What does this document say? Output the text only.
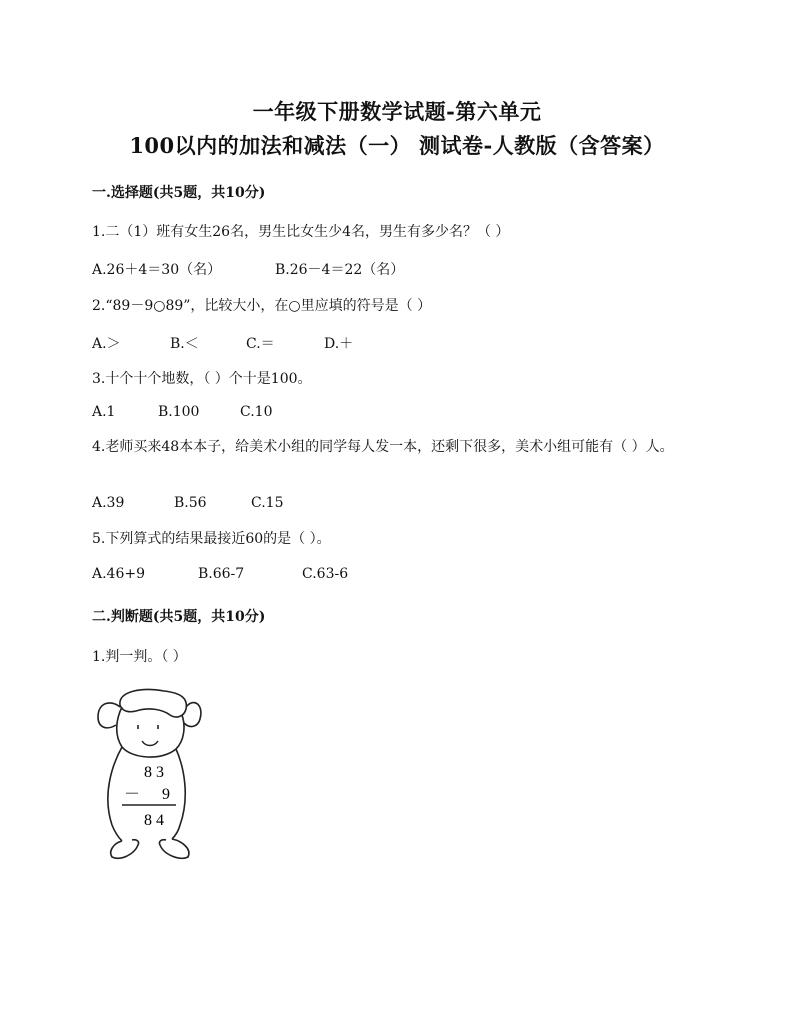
一年级下册数学试题-第六单元
100以内的加法和减法（一） 测试卷-人教版（含答案）
一.选择题(共5题，共10分)
1.二（1）班有女生26名，男生比女生少4名，男生有多少名？（ ）
A.26＋4＝30（名）	B.26－4＝22（名）
2.“89－9○89”，比较大小，在○里应填的符号是（ ）
A.＞	B.＜	C.＝	D.＋
3.十个十个地数，（ ）个十是100。
A.1	B.100	C.10
4.老师买来48本本子，给美术小组的同学每人发一本，还剩下很多，美术小组可能有（ ）人。
A.39	B.56	C.15
5.下列算式的结果最接近60的是（ ）。
A.46+9	B.66-7	C.63-6
二.判断题(共5题，共10分)
1.判一判。（ ）
8 3
－ 9
8 4
